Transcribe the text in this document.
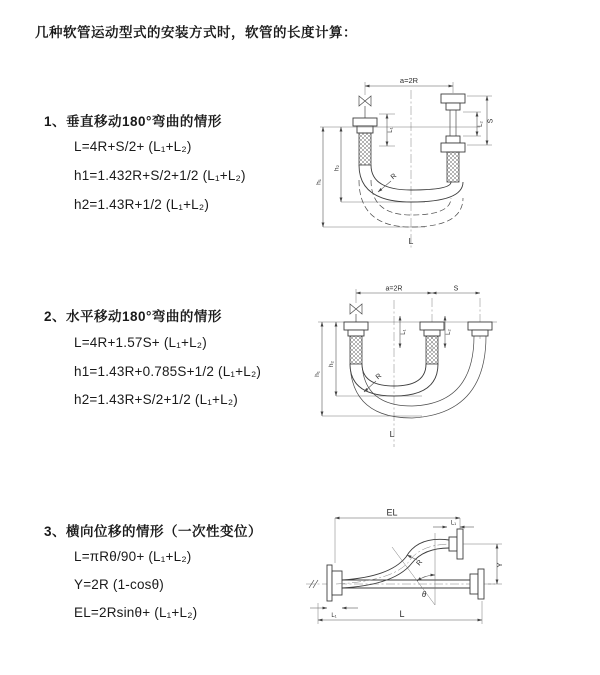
几种软管运动型式的安装方式时，软管的长度计算：

1、垂直移动180°弯曲的情形

L=4R+S/2+ (L₁+L₂)

h1=1.432R+S/2+1/2 (L₁+L₂)

h2=1.43R+1/2 (L₁+L₂)

2、水平移动180°弯曲的情形

L=4R+1.57S+ (L₁+L₂)

h1=1.43R+0.785S+1/2 (L₁+L₂)

h2=1.43R+S/2+1/2 (L₁+L₂)

3、横向位移的情形（一次性变位）

L=πRθ/90+ (L₁+L₂)

Y=2R (1-cosθ)

EL=2Rsinθ+ (L₁+L₂)

a=2R
h₁
h₂
L₁
S
L₂
R
L
a=2R	S
L₁	L₂
h₁
h₂
R
L
EL
L₁
θ
R	Y
L₁	L
